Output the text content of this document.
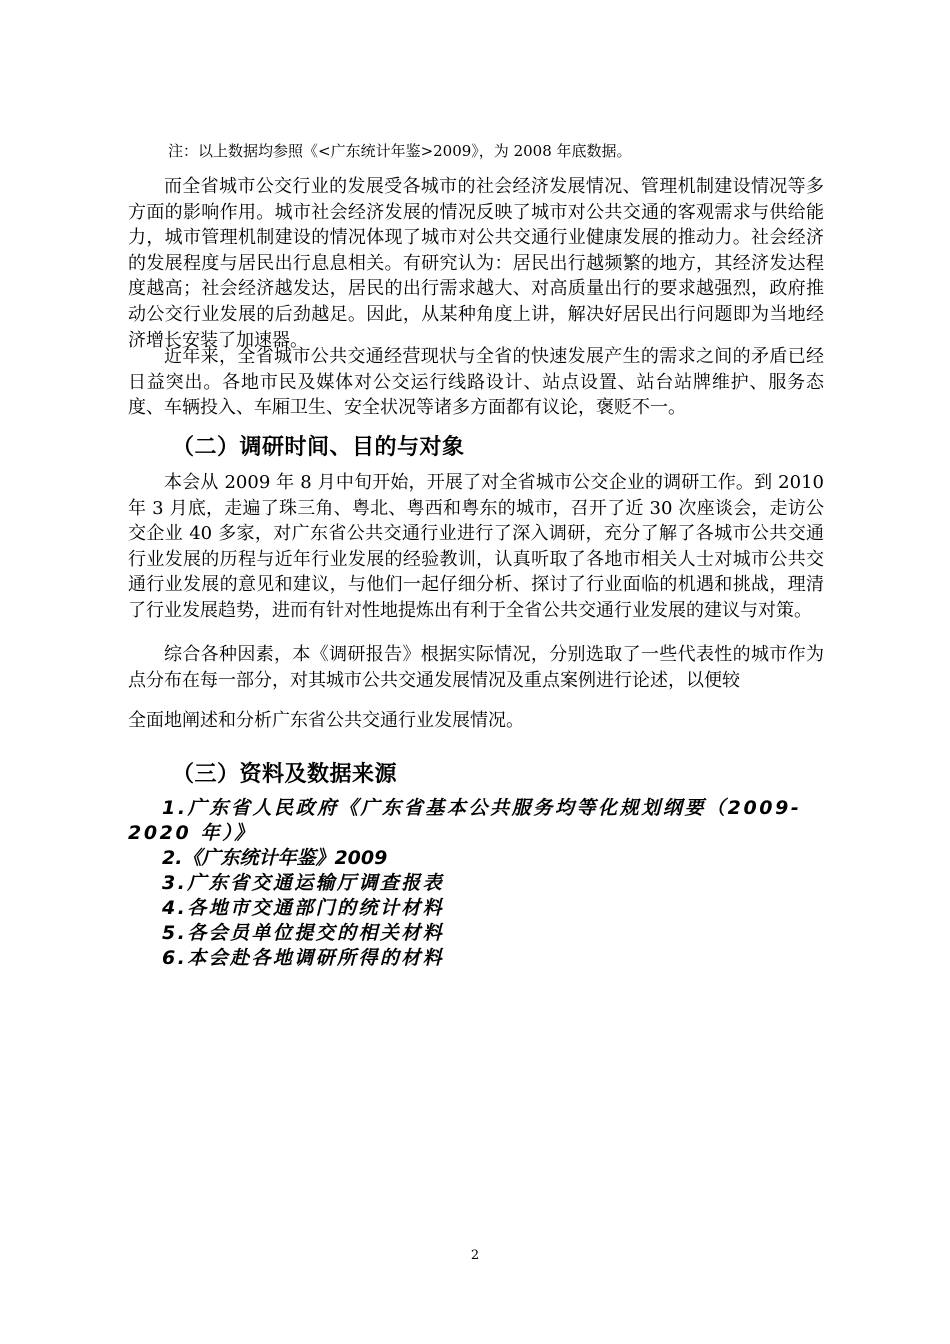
注：以上数据均参照《<广东统计年鉴>2009》，为 2008 年底数据。

而全省城市公交行业的发展受各城市的社会经济发展情况、管理机制建设情况等多方面的影响作用。城市社会经济发展的情况反映了城市对公共交通的客观需求与供给能力，城市管理机制建设的情况体现了城市对公共交通行业健康发展的推动力。社会经济的发展程度与居民出行息息相关。有研究认为：居民出行越频繁的地方，其经济发达程度越高；社会经济越发达，居民的出行需求越大、对高质量出行的要求越强烈，政府推动公交行业发展的后劲越足。因此，从某种角度上讲，解决好居民出行问题即为当地经济增长安装了加速器。

近年来，全省城市公共交通经营现状与全省的快速发展产生的需求之间的矛盾已经日益突出。各地市民及媒体对公交运行线路设计、站点设置、站台站牌维护、服务态度、车辆投入、车厢卫生、安全状况等诸多方面都有议论，褒贬不一。

（二）调研时间、目的与对象

本会从 2009 年 8 月中旬开始，开展了对全省城市公交企业的调研工作。到 2010 年 3 月底，走遍了珠三角、粤北、粤西和粤东的城市，召开了近 30 次座谈会，走访公交企业 40 多家，对广东省公共交通行业进行了深入调研，充分了解了各城市公共交通行业发展的历程与近年行业发展的经验教训，认真听取了各地市相关人士对城市公共交通行业发展的意见和建议，与他们一起仔细分析、探讨了行业面临的机遇和挑战，理清了行业发展趋势，进而有针对性地提炼出有利于全省公共交通行业发展的建议与对策。

综合各种因素，本《调研报告》根据实际情况，分别选取了一些代表性的城市作为点分布在每一部分，对其城市公共交通发展情况及重点案例进行论述，以便较

全面地阐述和分析广东省公共交通行业发展情况。

（三）资料及数据来源
1.广东省人民政府《广东省基本公共服务均等化规划纲要（2009-2020 年）》
2.《广东统计年鉴》2009
3.广东省交通运输厅调查报表
4.各地市交通部门的统计材料
5.各会员单位提交的相关材料
6.本会赴各地调研所得的材料
2
